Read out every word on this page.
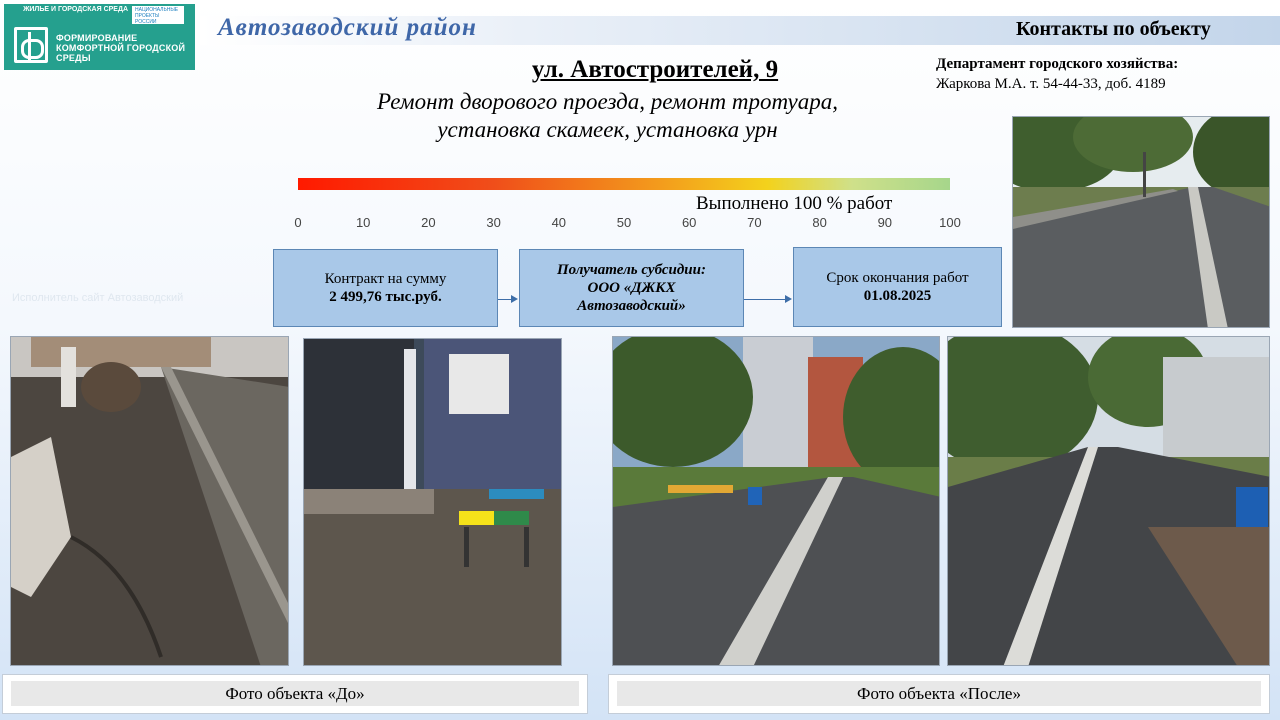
ЖИЛЬЕ И ГОРОДСКАЯ СРЕДА	НАЦИОНАЛЬНЫЕ ПРОЕКТЫ РОССИИ
ФОРМИРОВАНИЕ КОМФОРТНОЙ ГОРОДСКОЙ СРЕДЫ
Автозаводский район	Контакты по объекту
Департамент городского хозяйства:
Жаркова М.А. т. 54-44-33, доб. 4189
ул. Автостроителей, 9
Ремонт дворового проезда, ремонт тротуара,
установка скамеек, установка урн
Выполнено 100 % работ
0	10	20	30	40	50	60	70	80	90	100
Контракт на сумму
2 499,76 тыс.руб.
Получатель субсидии:
ООО «ДЖКХ
Автозаводский»
Срок окончания работ
01.08.2025
Исполнитель сайт Автозаводский
Фото объекта «До»	Фото объекта «После»
